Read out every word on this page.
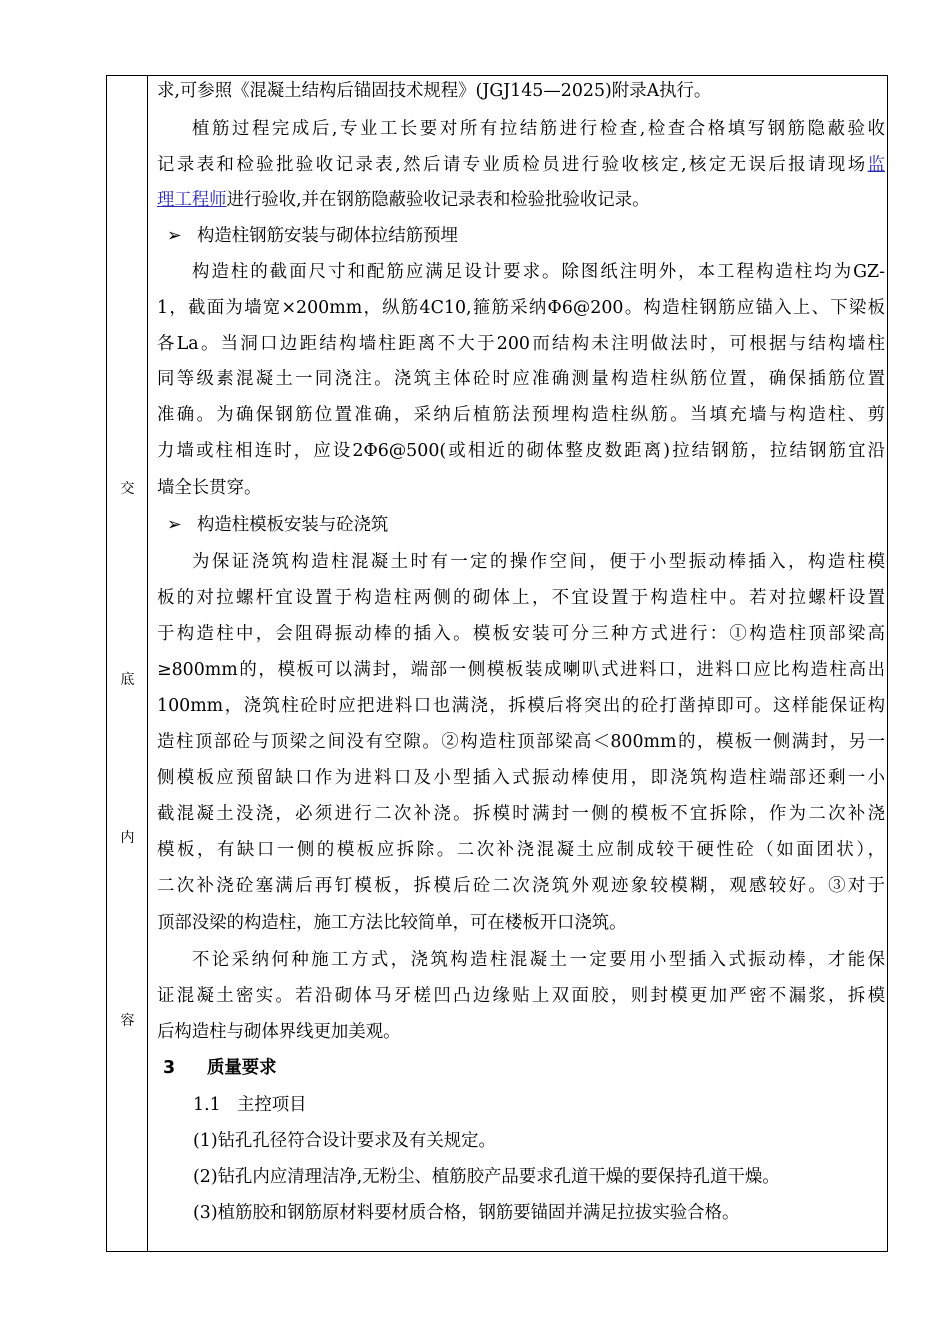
交
底
内
容
求,可参照《混凝土结构后锚固技术规程》(JGJ145—2025)附录A执行。
植筋过程完成后,专业工长要对所有拉结筋进行检查,检查合格填写钢筋隐蔽验收
记录表和检验批验收记录表,然后请专业质检员进行验收核定,核定无误后报请现场监
理工程师进行验收,并在钢筋隐蔽验收记录表和检验批验收记录。
➢ 构造柱钢筋安装与砌体拉结筋预埋
构造柱的截面尺寸和配筋应满足设计要求。除图纸注明外，本工程构造柱均为GZ-
1，截面为墙宽×200mm，纵筋4C10,箍筋采纳Φ6@200。构造柱钢筋应锚入上、下梁板
各La。当洞口边距结构墙柱距离不大于200而结构未注明做法时，可根据与结构墙柱
同等级素混凝土一同浇注。浇筑主体砼时应准确测量构造柱纵筋位置，确保插筋位置
准确。为确保钢筋位置准确，采纳后植筋法预埋构造柱纵筋。当填充墙与构造柱、剪
力墙或柱相连时，应设2Φ6@500(或相近的砌体整皮数距离)拉结钢筋，拉结钢筋宜沿
墙全长贯穿。
➢ 构造柱模板安装与砼浇筑
为保证浇筑构造柱混凝土时有一定的操作空间，便于小型振动棒插入，构造柱模
板的对拉螺杆宜设置于构造柱两侧的砌体上，不宜设置于构造柱中。若对拉螺杆设置
于构造柱中，会阻碍振动棒的插入。模板安装可分三种方式进行：①构造柱顶部梁高
≥800mm的，模板可以满封，端部一侧模板装成喇叭式进料口，进料口应比构造柱高出
100mm，浇筑柱砼时应把进料口也满浇，拆模后将突出的砼打凿掉即可。这样能保证构
造柱顶部砼与顶梁之间没有空隙。②构造柱顶部梁高＜800mm的，模板一侧满封，另一
侧模板应预留缺口作为进料口及小型插入式振动棒使用，即浇筑构造柱端部还剩一小
截混凝土没浇，必须进行二次补浇。拆模时满封一侧的模板不宜拆除，作为二次补浇
模板，有缺口一侧的模板应拆除。二次补浇混凝土应制成较干硬性砼（如面团状），
二次补浇砼塞满后再钉模板，拆模后砼二次浇筑外观迹象较模糊，观感较好。③对于
顶部没梁的构造柱，施工方法比较简单，可在楼板开口浇筑。
不论采纳何种施工方式，浇筑构造柱混凝土一定要用小型插入式振动棒，才能保
证混凝土密实。若沿砌体马牙槎凹凸边缘贴上双面胶，则封模更加严密不漏浆，拆模
后构造柱与砌体界线更加美观。
3 质量要求
1.1 主控项目
(1)钻孔孔径符合设计要求及有关规定。
(2)钻孔内应清理洁净,无粉尘、植筋胶产品要求孔道干燥的要保持孔道干燥。
(3)植筋胶和钢筋原材料要材质合格，钢筋要锚固并满足拉拔实验合格。
